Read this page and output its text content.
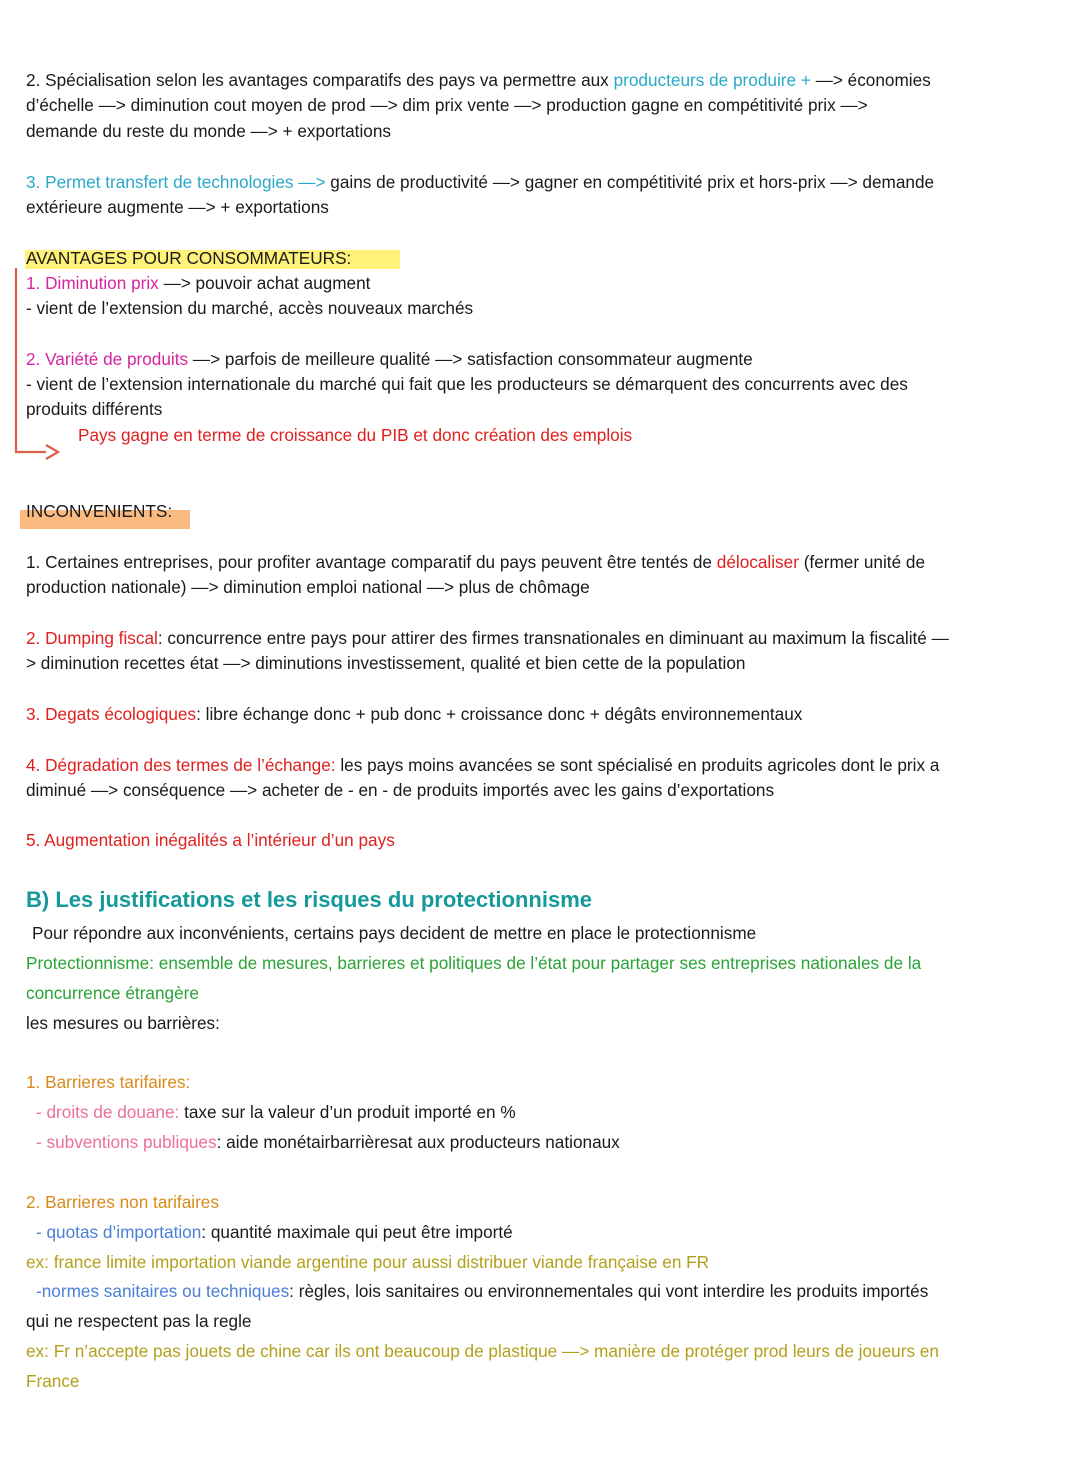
2. Spécialisation selon les avantages comparatifs des pays va permettre aux producteurs de produire + —> économies
d’échelle —> diminution cout moyen de prod —> dim prix vente —> production gagne en compétitivité prix —>
demande du reste du monde —> + exportations
3. Permet transfert de technologies —> gains de productivité —> gagner en compétitivité prix et hors-prix —> demande
extérieure augmente —> + exportations
AVANTAGES POUR CONSOMMATEURS:
1. Diminution prix —> pouvoir achat augment
- vient de l’extension du marché, accès nouveaux marchés
2. Variété de produits —> parfois de meilleure qualité —> satisfaction consommateur augmente
- vient de l’extension internationale du marché qui fait que les producteurs se démarquent des concurrents avec des
produits différents
Pays gagne en terme de croissance du PIB et donc création des emplois
INCONVENIENTS:
1. Certaines entreprises, pour profiter avantage comparatif du pays peuvent être tentés de délocaliser (fermer unité de
production nationale) —> diminution emploi national —> plus de chômage
2. Dumping fiscal: concurrence entre pays pour attirer des firmes transnationales en diminuant au maximum la fiscalité —
> diminution recettes état —> diminutions investissement, qualité et bien cette de la population
3. Degats écologiques: libre échange donc + pub donc + croissance donc + dégâts environnementaux
4. Dégradation des termes de l’échange: les pays moins avancées se sont spécialisé en produits agricoles dont le prix a
diminué —> conséquence —> acheter de - en - de produits importés avec les gains d’exportations
5. Augmentation inégalités a l’intérieur d’un pays
B) Les justifications et les risques du protectionnisme
Pour répondre aux inconvénients, certains pays decident de mettre en place le protectionnisme
Protectionnisme: ensemble de mesures, barrieres et politiques de l’état pour partager ses entreprises nationales de la
concurrence étrangère
les mesures ou barrières:
1. Barrieres tarifaires:
- droits de douane: taxe sur la valeur d’un produit importé en %
- subventions publiques: aide monétairbarrièresat aux producteurs nationaux
2. Barrieres non tarifaires
- quotas d’importation: quantité maximale qui peut être importé
ex: france limite importation viande argentine pour aussi distribuer viande française en FR
-normes sanitaires ou techniques: règles, lois sanitaires ou environnementales qui vont interdire les produits importés
qui ne respectent pas la regle
ex: Fr n’accepte pas jouets de chine car ils ont beaucoup de plastique —> manière de protéger prod leurs de joueurs en
France
